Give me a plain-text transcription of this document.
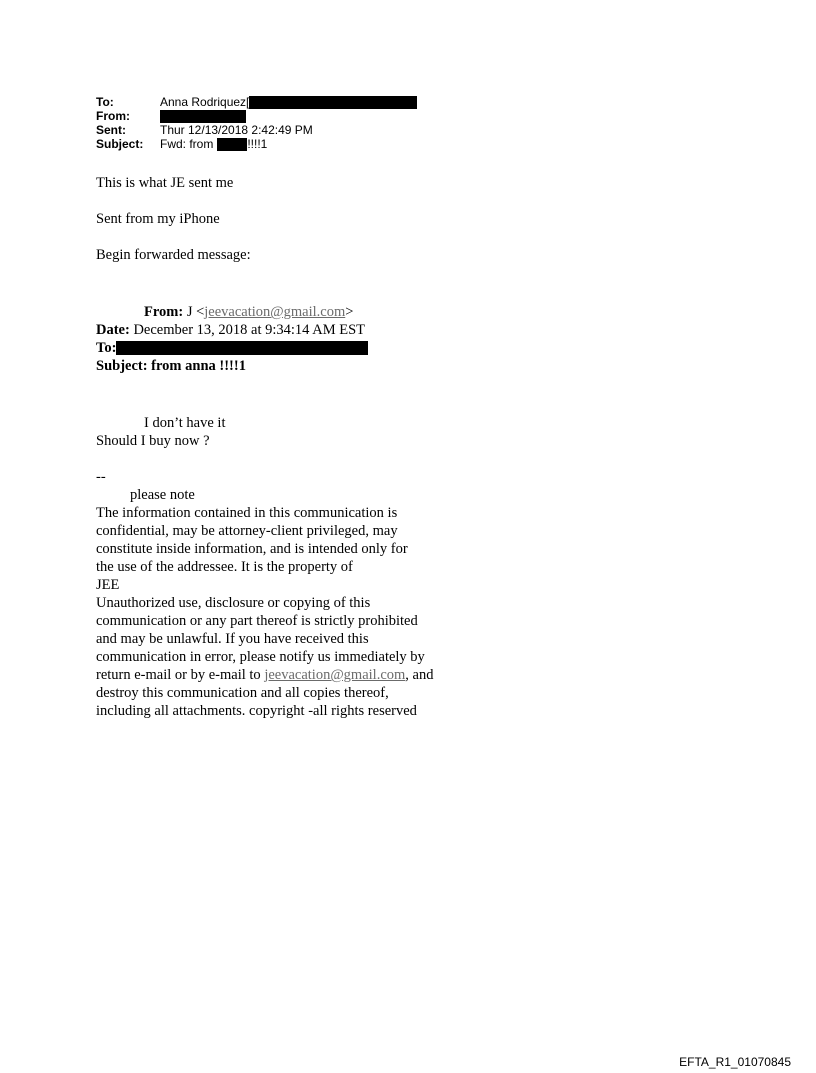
To:	Anna Rodriquez[
From:
Sent:	Thur 12/13/2018 2:42:49 PM
Subject:	Fwd: from	!!!!1
This is what JE sent me
Sent from my iPhone
Begin forwarded message:
From: J <jeevacation@gmail.com>
Date: December 13, 2018 at 9:34:14 AM EST
To:
Subject: from anna !!!!1
I don’t have it
Should I buy now ?
--
please note
The information contained in this communication is
confidential, may be attorney-client privileged, may
constitute inside information, and is intended only for
the use of the addressee. It is the property of
JEE
Unauthorized use, disclosure or copying of this
communication or any part thereof is strictly prohibited
and may be unlawful. If you have received this
communication in error, please notify us immediately by
return e-mail or by e-mail to jeevacation@gmail.com, and
destroy this communication and all copies thereof,
including all attachments. copyright -all rights reserved
EFTA_R1_01070845
